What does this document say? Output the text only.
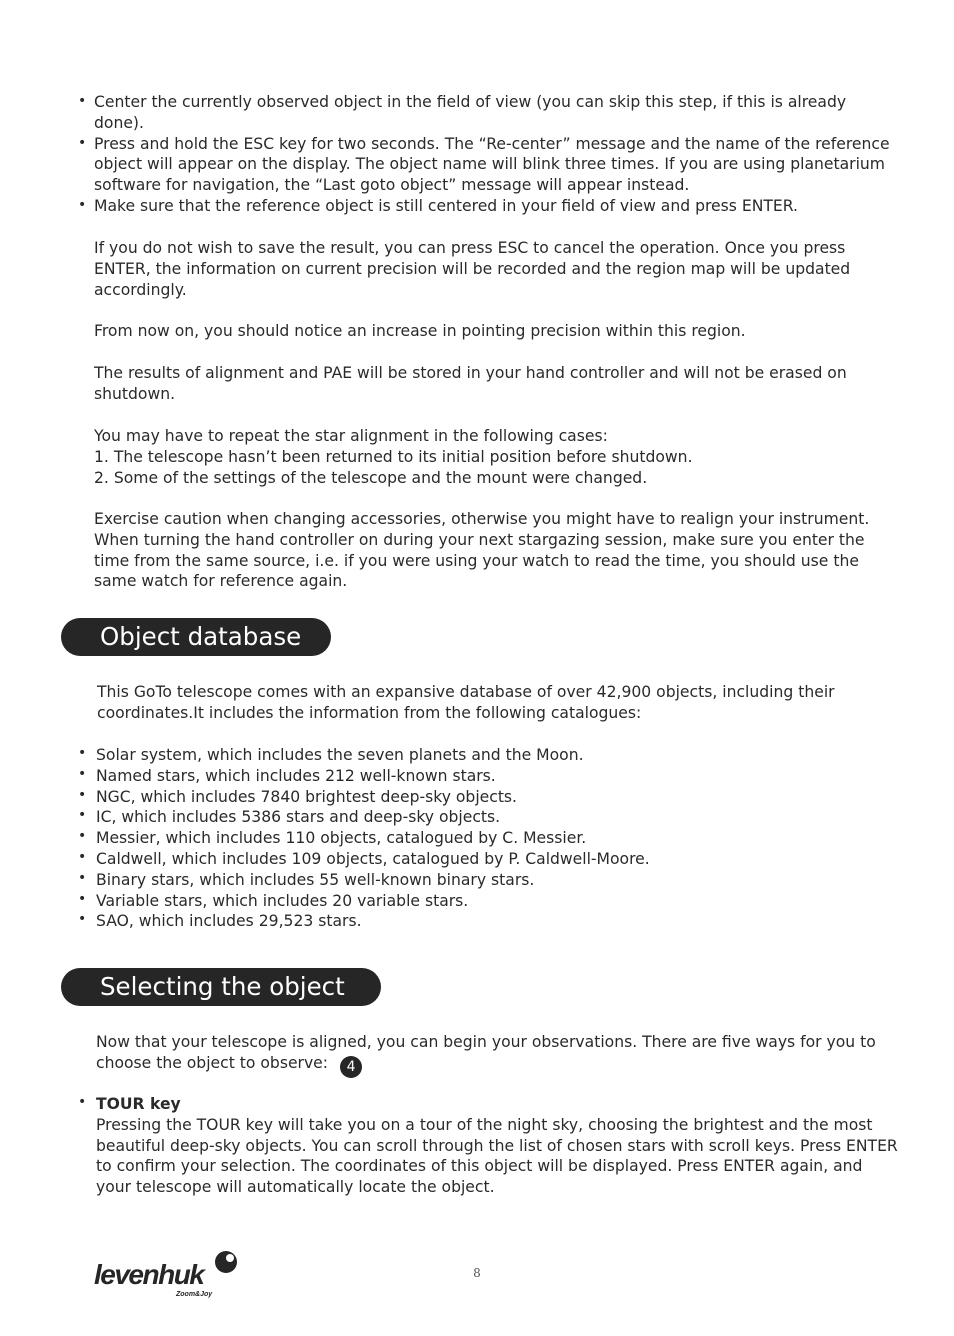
• Center the currently observed object in the field of view (you can skip this step, if this is already done).
• Press and hold the ESC key for two seconds. The “Re-center” message and the name of the reference object will appear on the display. The object name will blink three times. If you are using planetarium software for navigation, the “Last goto object” message will appear instead.
• Make sure that the reference object is still centered in your field of view and press ENTER.

If you do not wish to save the result, you can press ESC to cancel the operation. Once you press ENTER, the information on current precision will be recorded and the region map will be updated accordingly.

From now on, you should notice an increase in pointing precision within this region.

The results of alignment and PAE will be stored in your hand controller and will not be erased on shutdown.

You may have to repeat the star alignment in the following cases:
1. The telescope hasn’t been returned to its initial position before shutdown.
2. Some of the settings of the telescope and the mount were changed.

Exercise caution when changing accessories, otherwise you might have to realign your instrument. When turning the hand controller on during your next stargazing session, make sure you enter the time from the same source, i.e. if you were using your watch to read the time, you should use the same watch for reference again.

Object database

This GoTo telescope comes with an expansive database of over 42,900 objects, including their coordinates.It includes the information from the following catalogues:

• Solar system, which includes the seven planets and the Moon.
• Named stars, which includes 212 well-known stars.
• NGC, which includes 7840 brightest deep-sky objects.
• IC, which includes 5386 stars and deep-sky objects.
• Messier, which includes 110 objects, catalogued by C. Messier.
• Caldwell, which includes 109 objects, catalogued by P. Caldwell-Moore.
• Binary stars, which includes 55 well-known binary stars.
• Variable stars, which includes 20 variable stars.
• SAO, which includes 29,523 stars.
Selecting the object

Now that your telescope is aligned, you can begin your observations. There are five ways for you to choose the object to observe: 4

• TOUR key
Pressing the TOUR key will take you on a tour of the night sky, choosing the brightest and the most beautiful deep-sky objects. You can scroll through the list of chosen stars with scroll keys. Press ENTER to confirm your selection. The coordinates of this object will be displayed. Press ENTER again, and your telescope will automatically locate the object.
levenhuk
Zoom&Joy
8
